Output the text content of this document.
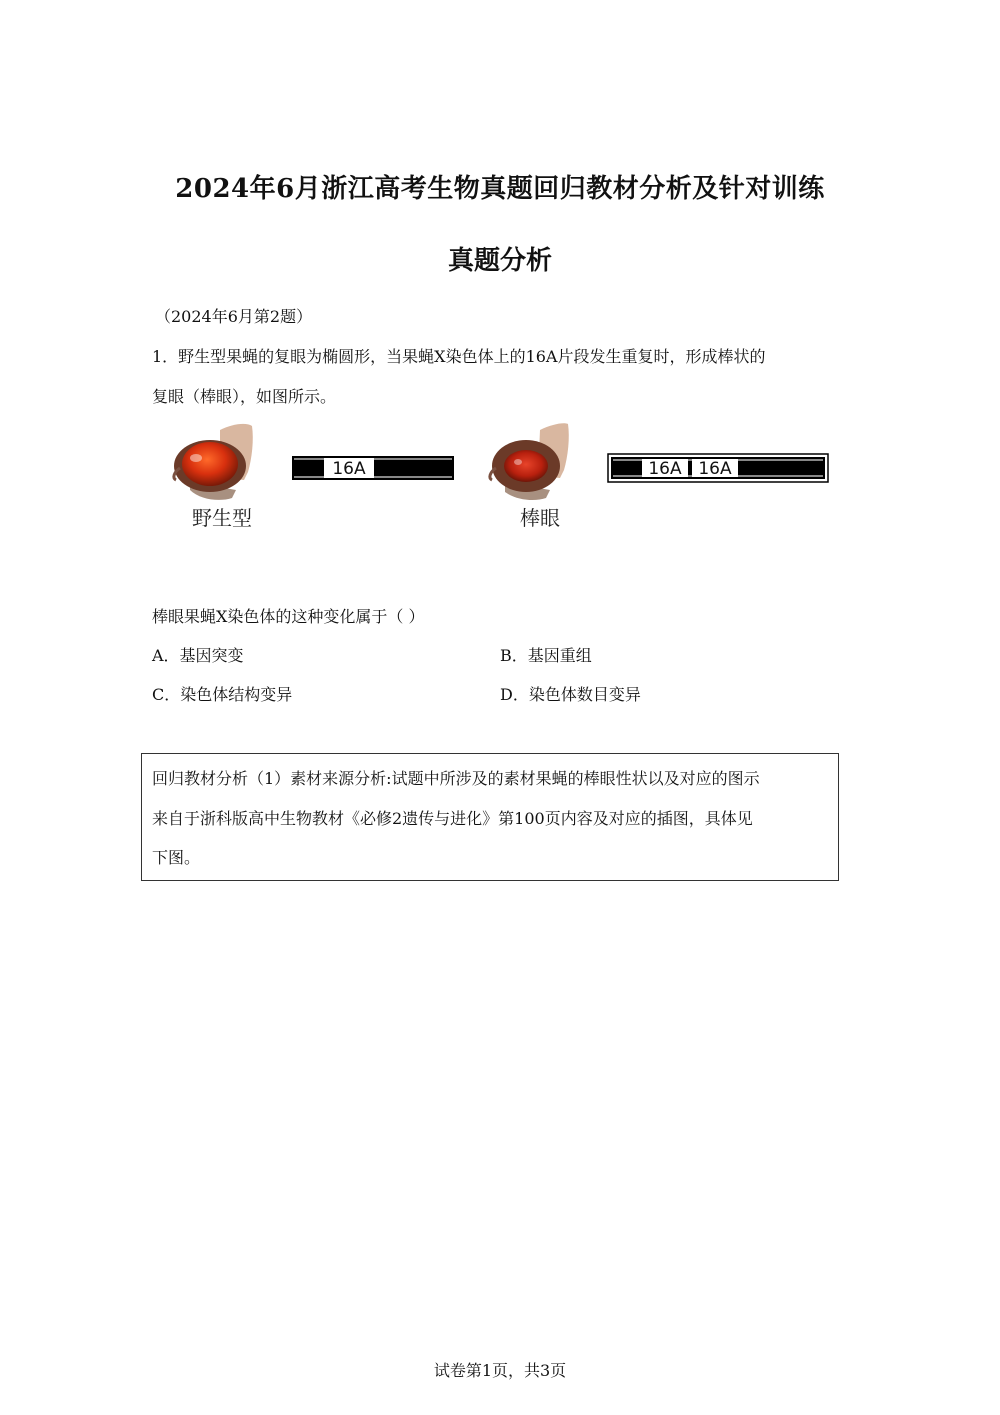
2024年6月浙江高考生物真题回归教材分析及针对训练
真题分析
（2024年6月第2题）
1．野生型果蝇的复眼为椭圆形，当果蝇X染色体上的16A片段发生重复时，形成棒状的
复眼（棒眼），如图所示。
野生型
16A
棒眼
16A 16A
棒眼果蝇X染色体的这种变化属于（ ）
A．基因突变	B．基因重组
C．染色体结构变异	D．染色体数目变异
回归教材分析（1）素材来源分析:试题中所涉及的素材果蝇的棒眼性状以及对应的图示
来自于浙科版高中生物教材《必修2遗传与进化》第100页内容及对应的插图，具体见
下图。
试卷第1页，共3页
